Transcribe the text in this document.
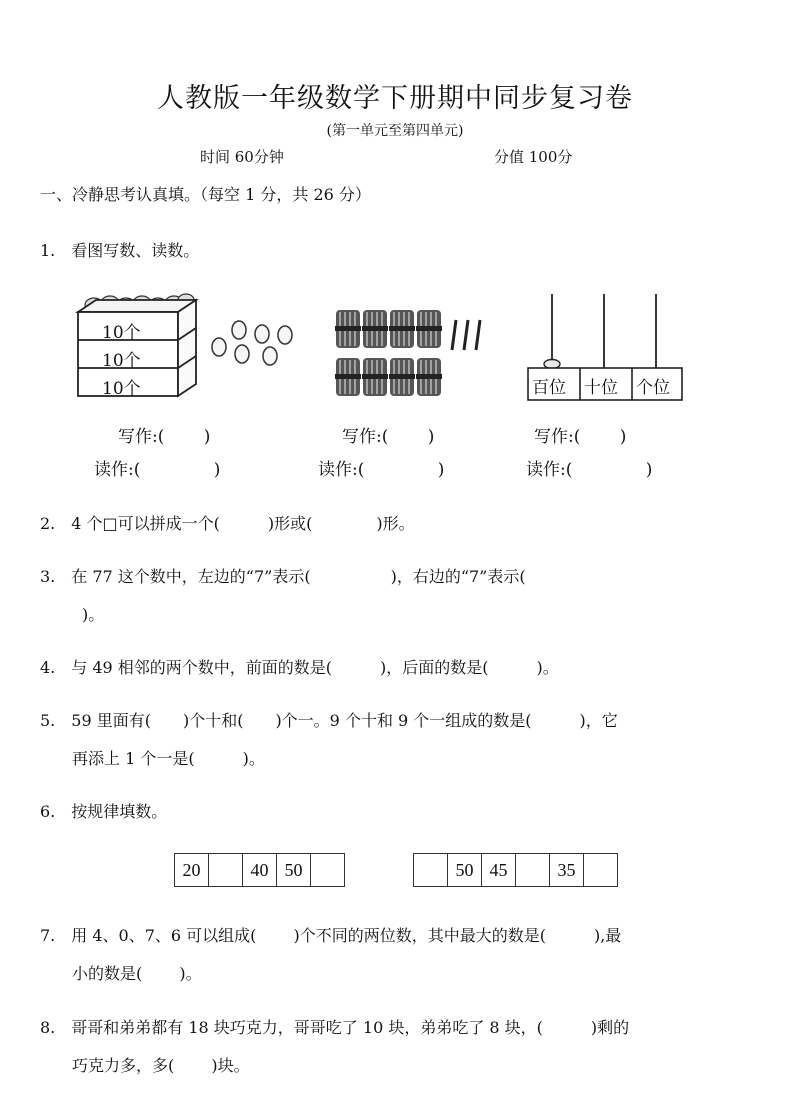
人教版一年级数学下册期中同步复习卷
(第一单元至第四单元)
时间 60分钟	分值 100分
一、冷静思考认真填。（每空 1 分，共 26 分）
1.　看图写数、读数。
10个
10个
10个	百位 十位 个位
写作:(　　 )	写作:(　　 )	写作:(　　 )
读作:(　　　　 )	读作:(　　　　 )	读作:(　　　　 )
2.　4 个□可以拼成一个(　　　)形或(　　　　)形。
3.　在 77 这个数中，左边的“7”表示(　　　　　)，右边的“7”表示(
)。
4.　与 49 相邻的两个数中，前面的数是(　　　)，后面的数是(　　　)。
5.　59 里面有(　　)个十和(　　)个一。9 个十和 9 个一组成的数是(　　　)，它
再添上 1 个一是(　　　)。
6.　按规律填数。
20	40 50	50 45	35
7.　用 4、0、7、6 可以组成(　　 )个不同的两位数，其中最大的数是(　　　),最
小的数是(　　 )。
8.　哥哥和弟弟都有 18 块巧克力，哥哥吃了 10 块，弟弟吃了 8 块，(　　　)剩的
巧克力多，多(　　 )块。
